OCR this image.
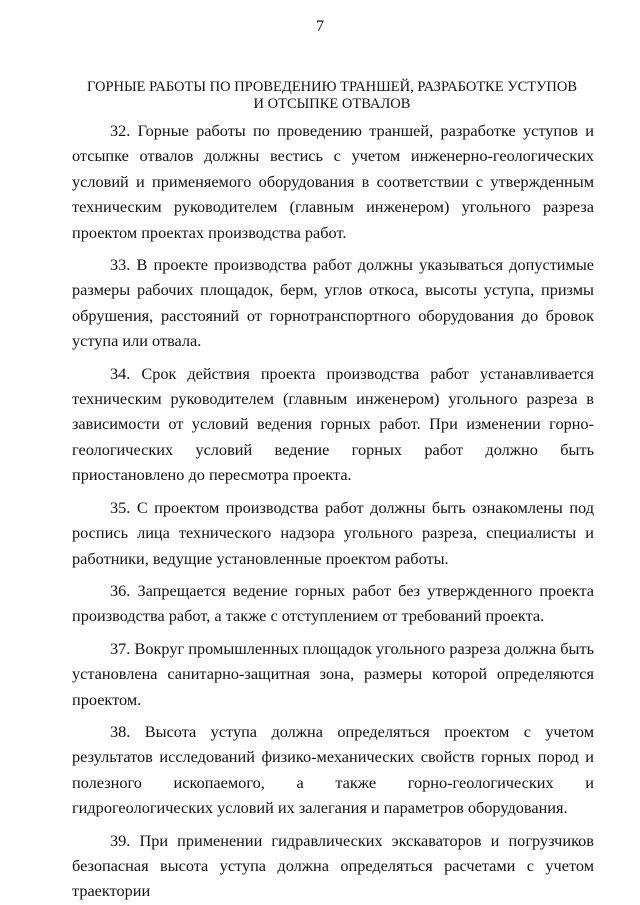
7
ГОРНЫЕ РАБОТЫ ПО ПРОВЕДЕНИЮ ТРАНШЕЙ, РАЗРАБОТКЕ УСТУПОВ
И ОТСЫПКЕ ОТВАЛОВ

32. Горные работы по проведению траншей, разработке уступов и отсыпке отвалов должны вестись с учетом инженерно-геологических условий и применяемого оборудования в соответствии с утвержденным техническим руководителем (главным инженером) угольного разреза проектом проектах производства работ.

33. В проекте производства работ должны указываться допустимые размеры рабочих площадок, берм, углов откоса, высоты уступа, призмы обрушения, расстояний от горнотранспортного оборудования до бровок уступа или отвала.

34. Срок действия проекта производства работ устанавливается техническим руководителем (главным инженером) угольного разреза в зависимости от условий ведения горных работ. При изменении горно-геологических условий ведение горных работ должно быть приостановлено до пересмотра проекта.

35. С проектом производства работ должны быть ознакомлены под роспись лица технического надзора угольного разреза, специалисты и работники, ведущие установленные проектом работы.

36. Запрещается ведение горных работ без утвержденного проекта производства работ, а также с отступлением от требований проекта.

37. Вокруг промышленных площадок угольного разреза должна быть установлена санитарно-защитная зона, размеры которой определяются проектом.

38. Высота уступа должна определяться проектом с учетом результатов исследований физико-механических свойств горных пород и полезного ископаемого, а также горно-геологических и гидрогеологических условий их залегания и параметров оборудования.

39. При применении гидравлических экскаваторов и погрузчиков безопасная высота уступа должна определяться расчетами с учетом траектории
